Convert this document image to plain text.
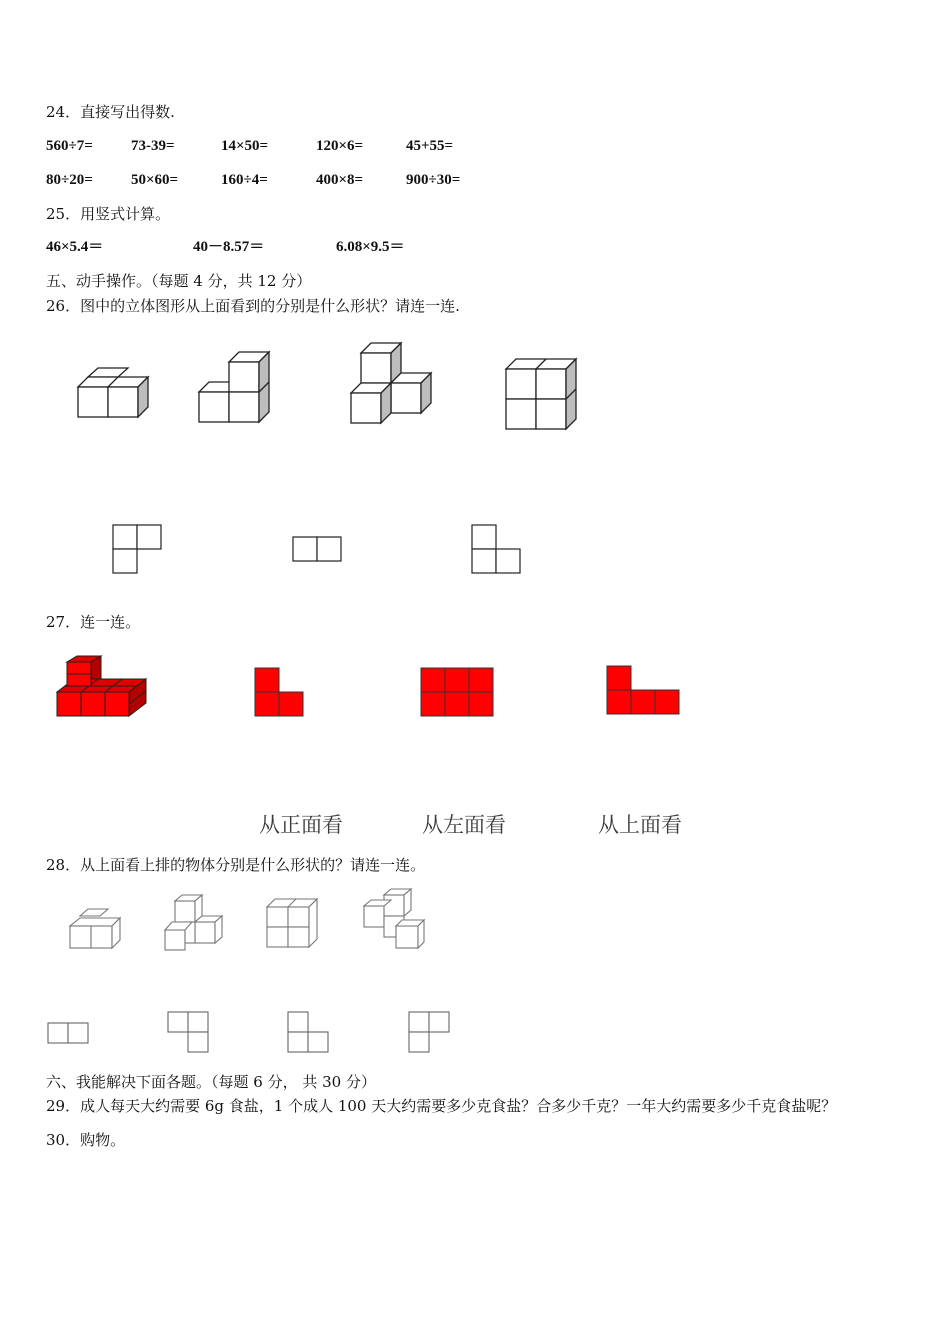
24．直接写出得数.
560÷7=	73-39=	14×50=	120×6=	45+55=
80÷20=	50×60=	160÷4=	400×8=	900÷30=
25．用竖式计算。
46×5.4＝	40－8.57＝	6.08×9.5＝
五、动手操作。（每题 4 分，共 12 分）
26．图中的立体图形从上面看到的分别是什么形状？请连一连.
27．连一连。
从正面看	从左面看	从上面看
28．从上面看上排的物体分别是什么形状的？请连一连。
六、我能解决下面各题。（每题 6 分， 共 30 分）
29．成人每天大约需要 6g 食盐，1 个成人 100 天大约需要多少克食盐？合多少千克？一年大约需要多少千克食盐呢？
30．购物。
